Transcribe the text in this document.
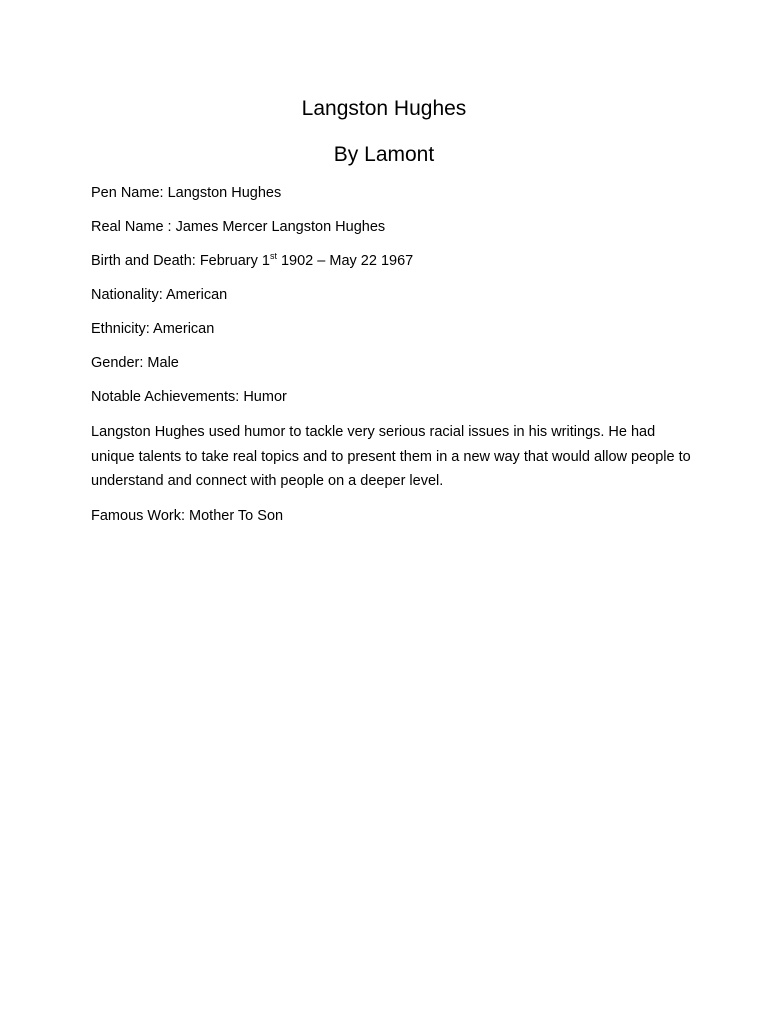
Langston Hughes
By Lamont

Pen Name: Langston Hughes

Real Name : James Mercer Langston Hughes

Birth and Death: February 1st 1902 – May 22 1967

Nationality: American

Ethnicity: American

Gender: Male

Notable Achievements: Humor

Langston Hughes used humor to tackle very serious racial issues in his writings. He had unique talents to take real topics and to present them in a new way that would allow people to understand and connect with people on a deeper level.

Famous Work: Mother To Son
